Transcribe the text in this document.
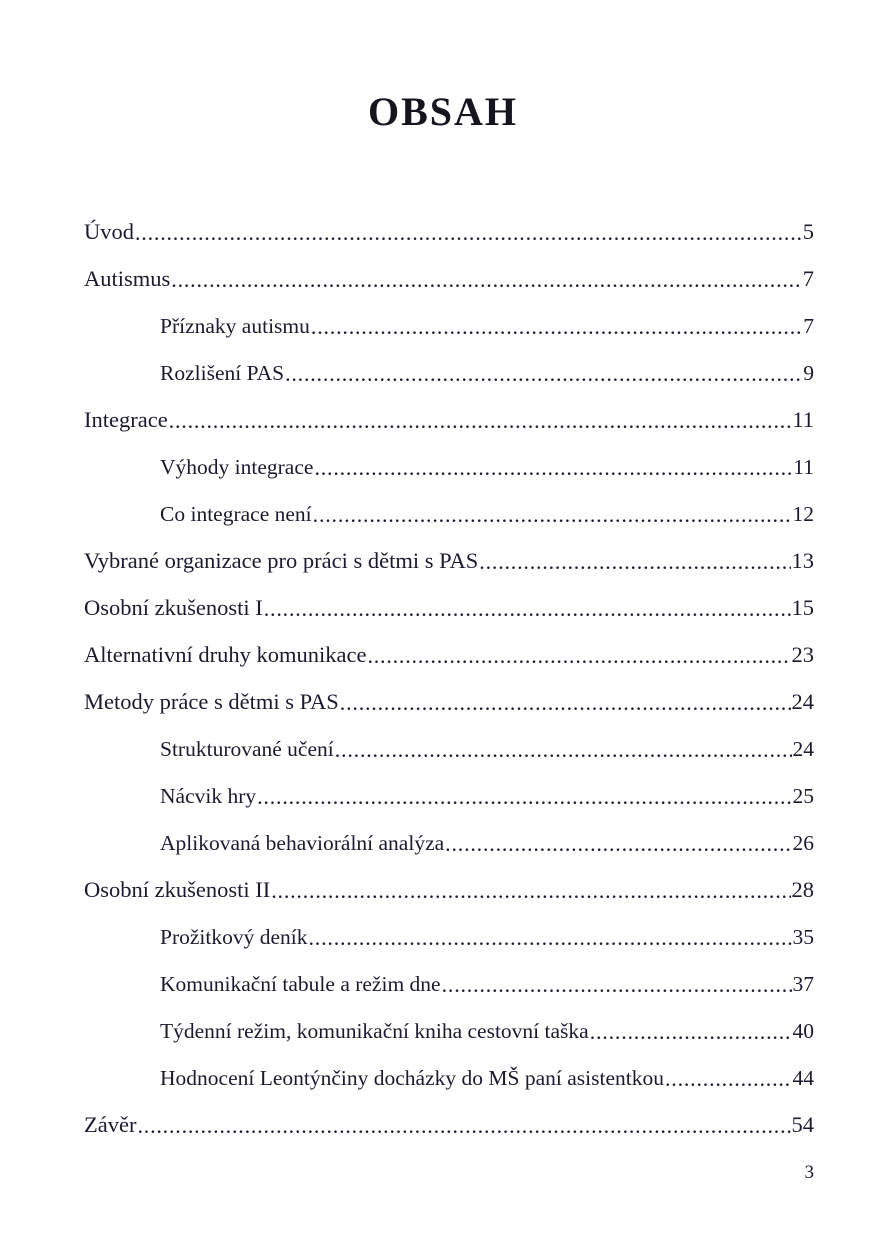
OBSAH
Úvod .....	5
Autismus .....	7
Příznaky autismu .....	7
Rozlišení PAS .....	9
Integrace .....	11
Výhody integrace .....	11
Co integrace není .....	12
Vybrané organizace pro práci s dětmi s PAS .....	13
Osobní zkušenosti I .....	15
Alternativní druhy komunikace .....	23
Metody práce s dětmi s PAS .....	24
Strukturované učení .....	24
Nácvik hry .....	25
Aplikovaná behaviorální analýza .....	26
Osobní zkušenosti II .....	28
Prožitkový deník .....	35
Komunikační tabule a režim dne .....	37
Týdenní režim, komunikační kniha cestovní taška .....	40
Hodnocení Leontýnčiny docházky do MŠ paní asistentkou .....	44
Závěr .....	54
3
